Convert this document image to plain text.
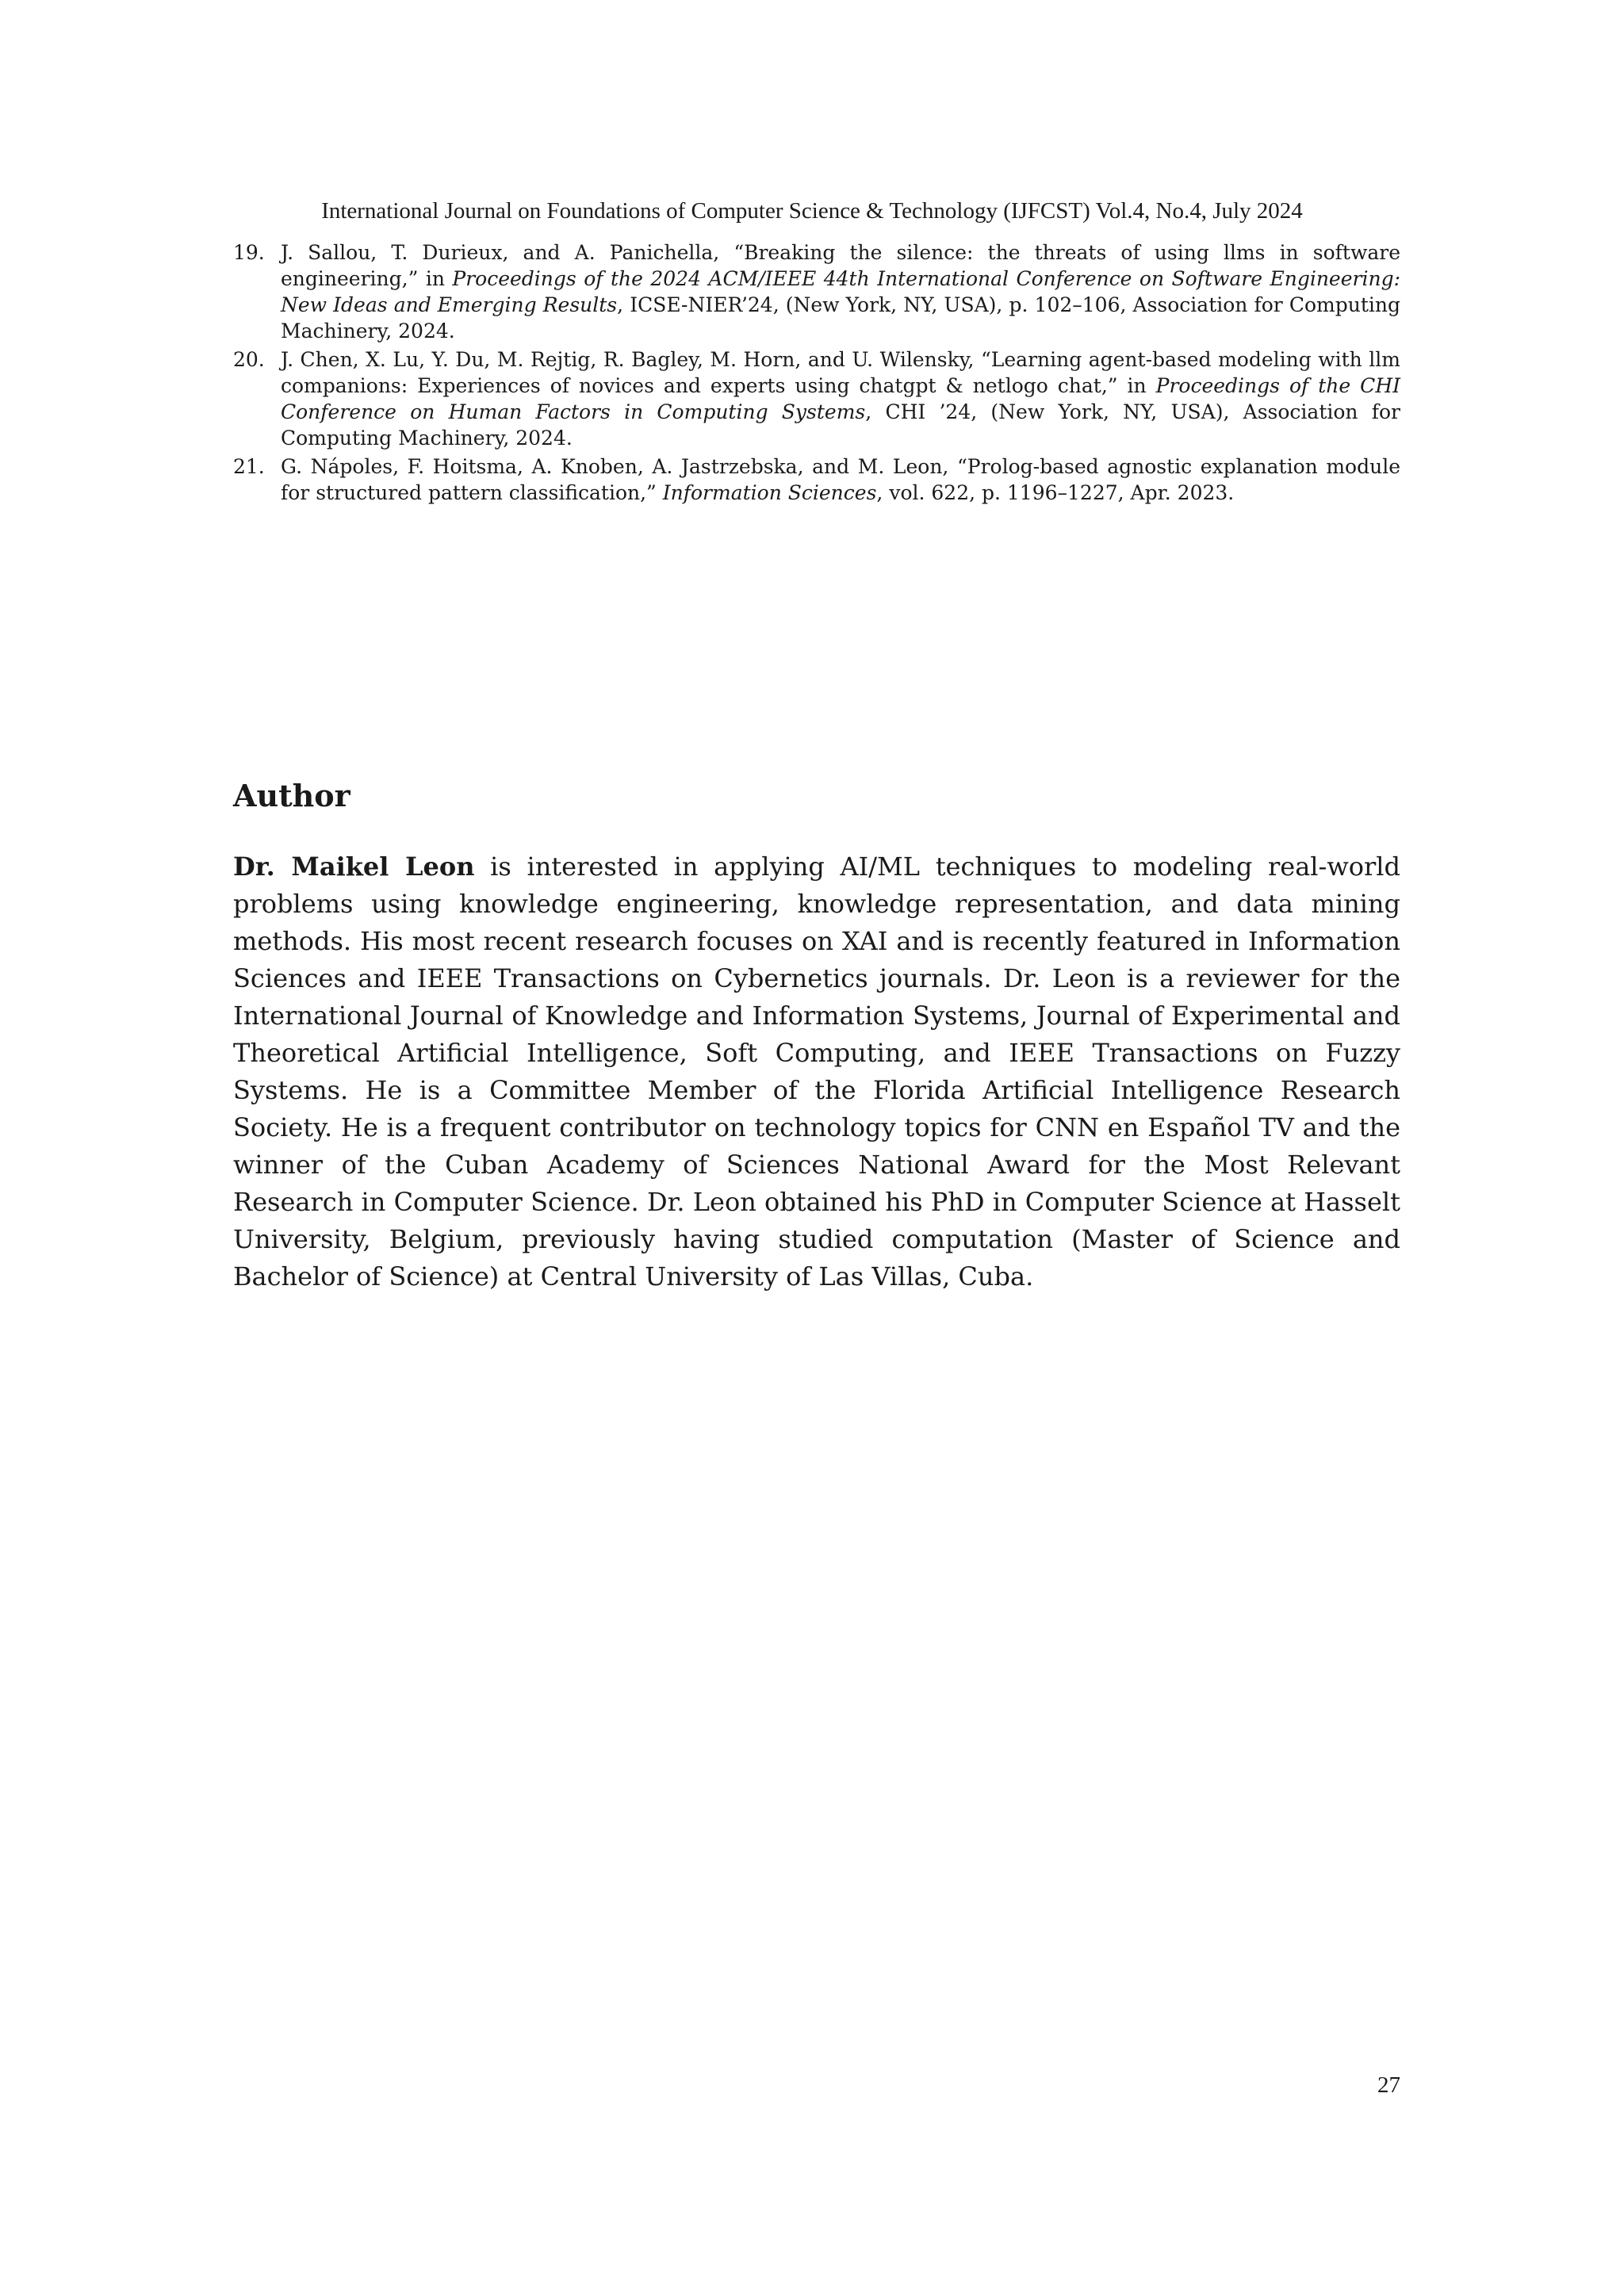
International Journal on Foundations of Computer Science & Technology (IJFCST) Vol.4, No.4, July 2024

19. J. Sallou, T. Durieux, and A. Panichella, “Breaking the silence: the threats of using llms in software engineering,” in Proceedings of the 2024 ACM/IEEE 44th International Conference on Software Engineering: New Ideas and Emerging Results, ICSE-NIER’24, (New York, NY, USA), p. 102–106, Association for Computing Machinery, 2024.

20. J. Chen, X. Lu, Y. Du, M. Rejtig, R. Bagley, M. Horn, and U. Wilensky, “Learning agent-based modeling with llm companions: Experiences of novices and experts using chatgpt & netlogo chat,” in Proceedings of the CHI Conference on Human Factors in Computing Systems, CHI ’24, (New York, NY, USA), Association for Computing Machinery, 2024.

21. G. Nápoles, F. Hoitsma, A. Knoben, A. Jastrzebska, and M. Leon, “Prolog-based agnostic explanation module for structured pattern classification,” Information Sciences, vol. 622, p. 1196–1227, Apr. 2023.

Author

Dr. Maikel Leon is interested in applying AI/ML techniques to modeling real-world problems using knowledge engineering, knowledge representation, and data mining methods. His most recent research focuses on XAI and is recently featured in Information Sciences and IEEE Transactions on Cybernetics journals. Dr. Leon is a reviewer for the International Journal of Knowledge and Information Systems, Journal of Experimental and Theoretical Artificial Intelligence, Soft Computing, and IEEE Transactions on Fuzzy Systems. He is a Committee Member of the Florida Artificial Intelligence Research Society. He is a frequent contributor on technology topics for CNN en Español TV and the winner of the Cuban Academy of Sciences National Award for the Most Relevant Research in Computer Science. Dr. Leon obtained his PhD in Computer Science at Hasselt University, Belgium, previously having studied computation (Master of Science and Bachelor of Science) at Central University of Las Villas, Cuba.

27
